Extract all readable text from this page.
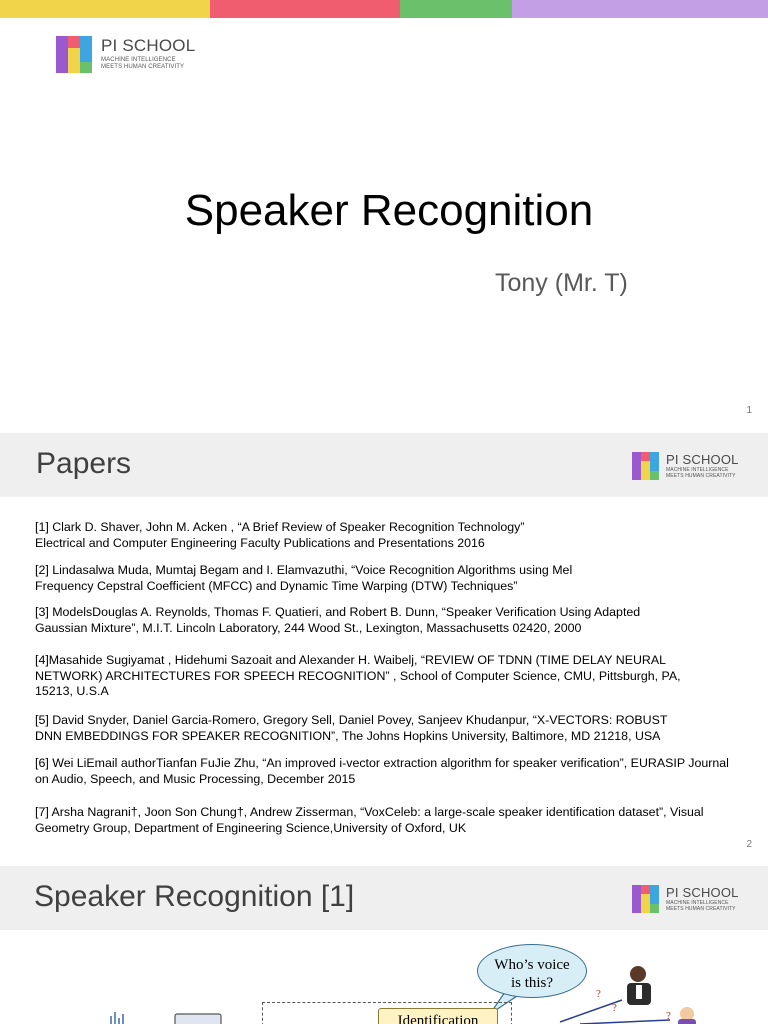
PI SCHOOL
MACHINE INTELLIGENCE
MEETS HUMAN CREATIVITY
Speaker Recognition
Tony (Mr. T)
1
Papers	PI SCHOOL
MACHINE INTELLIGENCE
MEETS HUMAN CREATIVITY
[1] Clark D. Shaver, John M. Acken , “A Brief Review of Speaker Recognition Technology”
Electrical and Computer Engineering Faculty Publications and Presentations 2016
[2] Lindasalwa Muda, Mumtaj Begam and I. Elamvazuthi, “Voice Recognition Algorithms using Mel
Frequency Cepstral Coefficient (MFCC) and Dynamic Time Warping (DTW) Techniques”
[3] ModelsDouglas A. Reynolds, Thomas F. Quatieri, and Robert B. Dunn, “Speaker Verification Using Adapted
Gaussian Mixture”, M.I.T. Lincoln Laboratory, 244 Wood St., Lexington, Massachusetts 02420, 2000
[4]Masahide Sugiyamat , Hidehumi Sazoait and Alexander H. Waibelj, “REVIEW OF TDNN (TIME DELAY NEURAL
NETWORK) ARCHITECTURES FOR SPEECH RECOGNITION” , School of Computer Science, CMU, Pittsburgh, PA,
15213, U.S.A
[5] David Snyder, Daniel Garcia-Romero, Gregory Sell, Daniel Povey, Sanjeev Khudanpur, “X-VECTORS: ROBUST
DNN EMBEDDINGS FOR SPEAKER RECOGNITION”, The Johns Hopkins University, Baltimore, MD 21218, USA
[6] Wei LiEmail authorTianfan FuJie Zhu, “An improved i-vector extraction algorithm for speaker verification”, EURASIP Journal
on Audio, Speech, and Music Processing, December 2015
[7] Arsha Nagrani†, Joon Son Chung†, Andrew Zisserman, “VoxCeleb: a large-scale speaker identification dataset”, Visual
Geometry Group, Department of Engineering Science,University of Oxford, UK
2
Speaker Recognition [1]	PI SCHOOL
MACHINE INTELLIGENCE
MEETS HUMAN CREATIVITY
Who’s voice
is this?
?
?
?
Identification
